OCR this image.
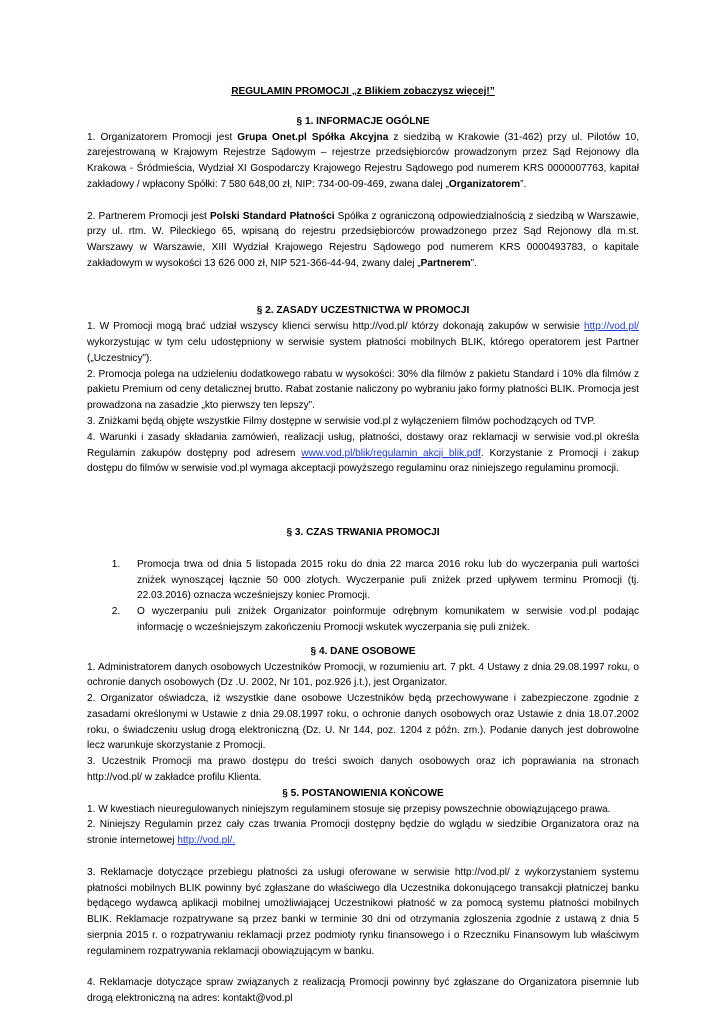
REGULAMIN PROMOCJI „z Blikiem zobaczysz więcej!”

§ 1. INFORMACJE OGÓLNE

1. Organizatorem Promocji jest Grupa Onet.pl Spółka Akcyjna z siedzibą w Krakowie (31-462) przy ul. Pilotów 10, zarejestrowaną w Krajowym Rejestrze Sądowym – rejestrze przedsiębiorców prowadzonym przez Sąd Rejonowy dla Krakowa - Śródmieścia, Wydział XI Gospodarczy Krajowego Rejestru Sądowego pod numerem KRS 0000007763, kapitał zakładowy / wpłacony Spółki: 7 580 648,00 zł, NIP: 734-00-09-469, zwana dalej „Organizatorem”.

2. Partnerem Promocji jest Polski Standard Płatności Spółka z ograniczoną odpowiedzialnością z siedzibą w Warszawie, przy ul. rtm. W. Pileckiego 65, wpisaną do rejestru przedsiębiorców prowadzonego przez Sąd Rejonowy dla m.st. Warszawy w Warszawie, XIII Wydział Krajowego Rejestru Sądowego pod numerem KRS 0000493783, o kapitale zakładowym w wysokości 13 626 000 zł, NIP 521-366-44-94, zwany dalej „Partnerem”.

§ 2. ZASADY UCZESTNICTWA W PROMOCJI

1. W Promocji mogą brać udział wszyscy klienci serwisu http://vod.pl/ którzy dokonają zakupów w serwisie http://vod.pl/ wykorzystując w tym celu udostępniony w serwisie system płatności mobilnych BLIK, którego operatorem jest Partner („Uczestnicy”).

2. Promocja polega na udzieleniu dodatkowego rabatu w wysokości: 30% dla filmów z pakietu Standard i 10% dla filmów z pakietu Premium od ceny detalicznej brutto. Rabat zostanie naliczony po wybraniu jako formy płatności BLIK. Promocja jest prowadzona na zasadzie „kto pierwszy ten lepszy”.

3. Zniżkami będą objęte wszystkie Filmy dostępne w serwisie vod.pl z wyłączeniem filmów pochodzących od TVP.

4. Warunki i zasady składania zamówień, realizacji usług, płatności, dostawy oraz reklamacji w serwisie vod.pl określa Regulamin zakupów dostępny pod adresem www.vod.pl/blik/regulamin_akcji_blik.pdf. Korzystanie z Promocji i zakup dostępu do filmów w serwisie vod.pl wymaga akceptacji powyższego regulaminu oraz niniejszego regulaminu promocji.

§ 3. CZAS TRWANIA PROMOCJI

1. Promocja trwa od dnia 5 listopada 2015 roku do dnia 22 marca 2016 roku lub do wyczerpania puli wartości zniżek wynoszącej łącznie 50 000 złotych. Wyczerpanie puli zniżek przed upływem terminu Promocji (tj. 22.03.2016) oznacza wcześniejszy koniec Promocji.
2. O wyczerpaniu puli zniżek Organizator poinformuje odrębnym komunikatem w serwisie vod.pl podając informację o wcześniejszym zakończeniu Promocji wskutek wyczerpania się puli zniżek.

§ 4. DANE OSOBOWE

1. Administratorem danych osobowych Uczestników Promocji, w rozumieniu art. 7 pkt. 4 Ustawy z dnia 29.08.1997 roku, o ochronie danych osobowych (Dz .U. 2002, Nr 101, poz.926 j.t.), jest Organizator.

2. Organizator oświadcza, iż wszystkie dane osobowe Uczestników będą przechowywane i zabezpieczone zgodnie z zasadami określonymi w Ustawie z dnia 29.08.1997 roku, o ochronie danych osobowych oraz Ustawie z dnia 18.07.2002 roku, o świadczeniu usług drogą elektroniczną (Dz. U. Nr 144, poz. 1204 z późn. zm.). Podanie danych jest dobrowolne lecz warunkuje skorzystanie z Promocji.

3. Uczestnik Promocji ma prawo dostępu do treści swoich danych osobowych oraz ich poprawiania na stronach http://vod.pl/ w zakładce profilu Klienta.

§ 5. POSTANOWIENIA KOŃCOWE

1. W kwestiach nieuregulowanych niniejszym regulaminem stosuje się przepisy powszechnie obowiązującego prawa.

2. Niniejszy Regulamin przez cały czas trwania Promocji dostępny będzie do wglądu w siedzibie Organizatora oraz na stronie internetowej http://vod.pl/.

3. Reklamacje dotyczące przebiegu płatności za usługi oferowane w serwisie http://vod.pl/ z wykorzystaniem systemu płatności mobilnych BLIK powinny być zgłaszane do właściwego dla Uczestnika dokonującego transakcji płatniczej banku będącego wydawcą aplikacji mobilnej umożliwiającej Uczestnikowi płatność w za pomocą systemu płatności mobilnych BLIK. Reklamacje rozpatrywane są przez banki w terminie 30 dni od otrzymania zgłoszenia zgodnie z ustawą z dnia 5 sierpnia 2015 r. o rozpatrywaniu reklamacji przez podmioty rynku finansowego i o Rzeczniku Finansowym lub właściwym regulaminem rozpatrywania reklamacji obowiązującym w banku.

4. Reklamacje dotyczące spraw związanych z realizacją Promocji powinny być zgłaszane do Organizatora pisemnie lub drogą elektroniczną na adres: kontakt@vod.pl
